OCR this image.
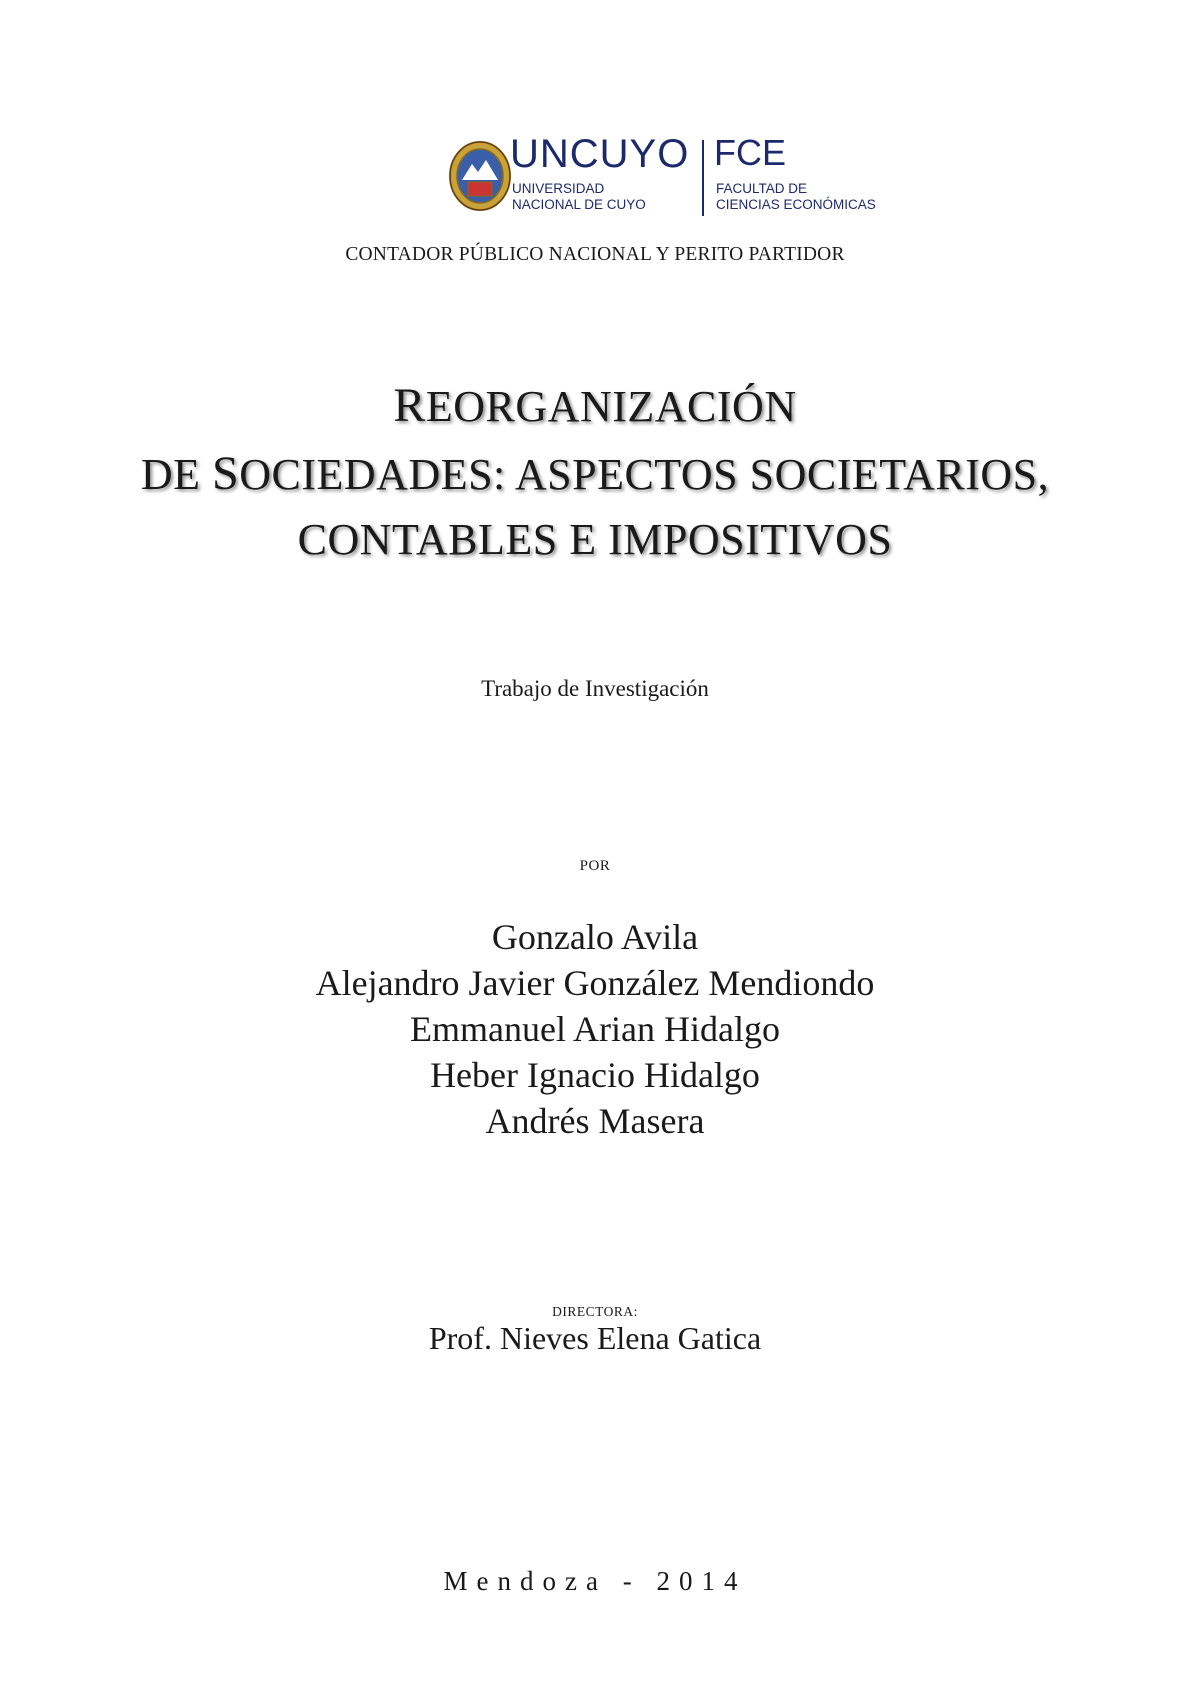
UNCUYO
UNIVERSIDAD
NACIONAL DE CUYO
FCE
FACULTAD DE
CIENCIAS ECONÓMICAS
CONTADOR PÚBLICO NACIONAL Y PERITO PARTIDOR
REORGANIZACIÓN
DE SOCIEDADES: ASPECTOS SOCIETARIOS,
CONTABLES E IMPOSITIVOS
Trabajo de Investigación
POR
Gonzalo Avila
Alejandro Javier González Mendiondo
Emmanuel Arian Hidalgo
Heber Ignacio Hidalgo
Andrés Masera
DIRECTORA:
Prof. Nieves Elena Gatica
Mendoza - 2014
